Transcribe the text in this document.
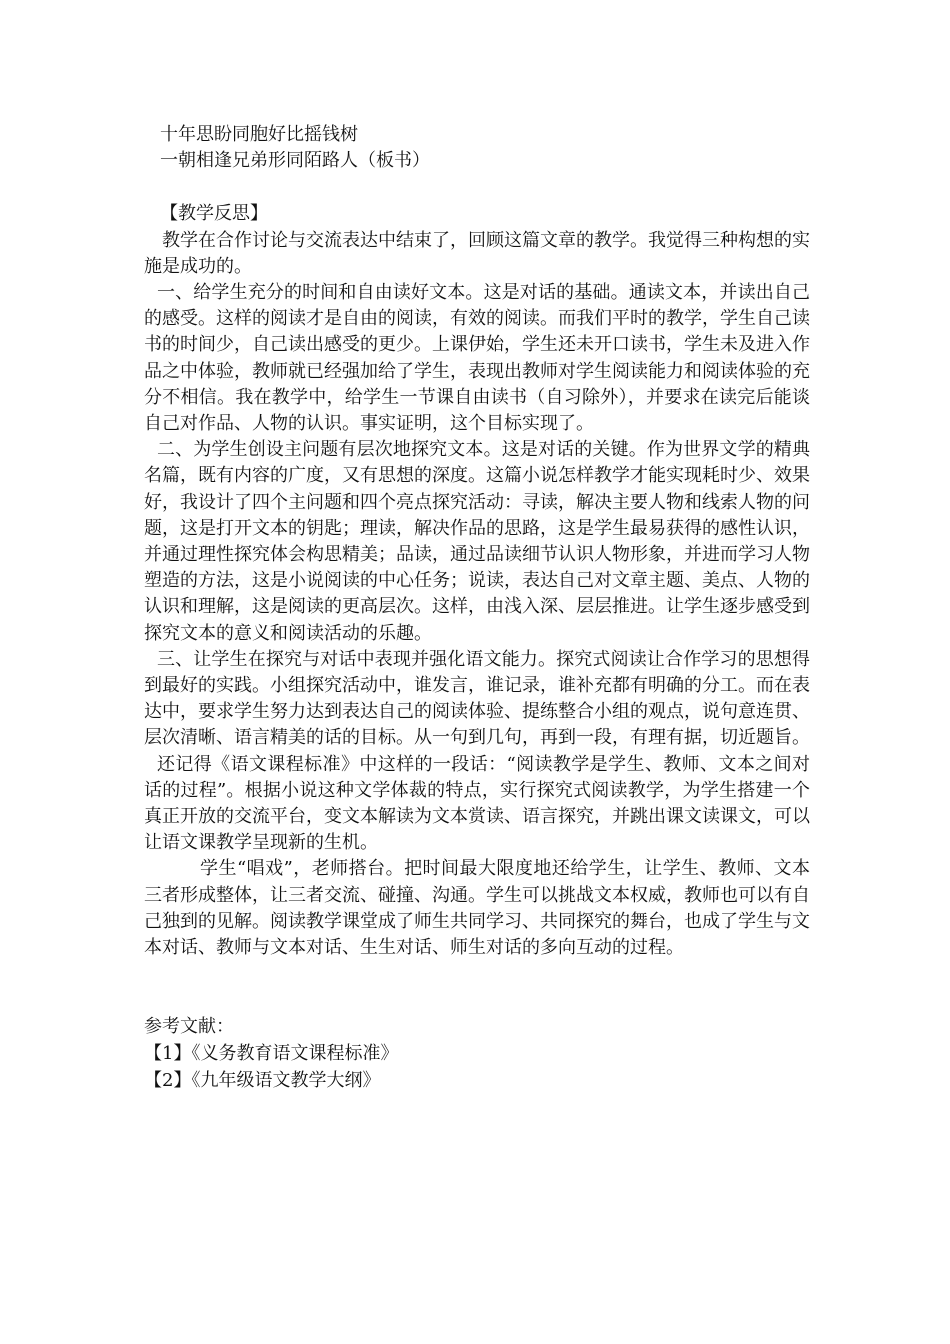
十年思盼同胞好比摇钱树
一朝相逢兄弟形同陌路人（板书）
【教学反思】

教学在合作讨论与交流表达中结束了，回顾这篇文章的教学。我觉得三种构想的实施是成功的。

一、给学生充分的时间和自由读好文本。这是对话的基础。通读文本，并读出自己的感受。这样的阅读才是自由的阅读，有效的阅读。而我们平时的教学，学生自己读书的时间少，自己读出感受的更少。上课伊始，学生还未开口读书，学生未及进入作品之中体验，教师就已经强加给了学生，表现出教师对学生阅读能力和阅读体验的充分不相信。我在教学中，给学生一节课自由读书（自习除外），并要求在读完后能谈自己对作品、人物的认识。事实证明，这个目标实现了。

二、为学生创设主问题有层次地探究文本。这是对话的关键。作为世界文学的精典名篇，既有内容的广度，又有思想的深度。这篇小说怎样教学才能实现耗时少、效果好，我设计了四个主问题和四个亮点探究活动：寻读，解决主要人物和线索人物的问题，这是打开文本的钥匙；理读，解决作品的思路，这是学生最易获得的感性认识，并通过理性探究体会构思精美；品读，通过品读细节认识人物形象，并进而学习人物塑造的方法，这是小说阅读的中心任务；说读，表达自己对文章主题、美点、人物的认识和理解，这是阅读的更高层次。这样，由浅入深、层层推进。让学生逐步感受到探究文本的意义和阅读活动的乐趣。

三、让学生在探究与对话中表现并强化语文能力。探究式阅读让合作学习的思想得到最好的实践。小组探究活动中，谁发言，谁记录，谁补充都有明确的分工。而在表达中，要求学生努力达到表达自己的阅读体验、提练整合小组的观点，说句意连贯、层次清晰、语言精美的话的目标。从一句到几句，再到一段，有理有据，切近题旨。

还记得《语文课程标准》中这样的一段话：“阅读教学是学生、教师、文本之间对话的过程”。根据小说这种文学体裁的特点，实行探究式阅读教学，为学生搭建一个真正开放的交流平台，变文本解读为文本赏读、语言探究，并跳出课文读课文，可以让语文课教学呈现新的生机。

学生“唱戏”，老师搭台。把时间最大限度地还给学生，让学生、教师、文本三者形成整体，让三者交流、碰撞、沟通。学生可以挑战文本权威，教师也可以有自己独到的见解。阅读教学课堂成了师生共同学习、共同探究的舞台，也成了学生与文本对话、教师与文本对话、生生对话、师生对话的多向互动的过程。

参考文献：
【1】《义务教育语文课程标准》
【2】《九年级语文教学大纲》
